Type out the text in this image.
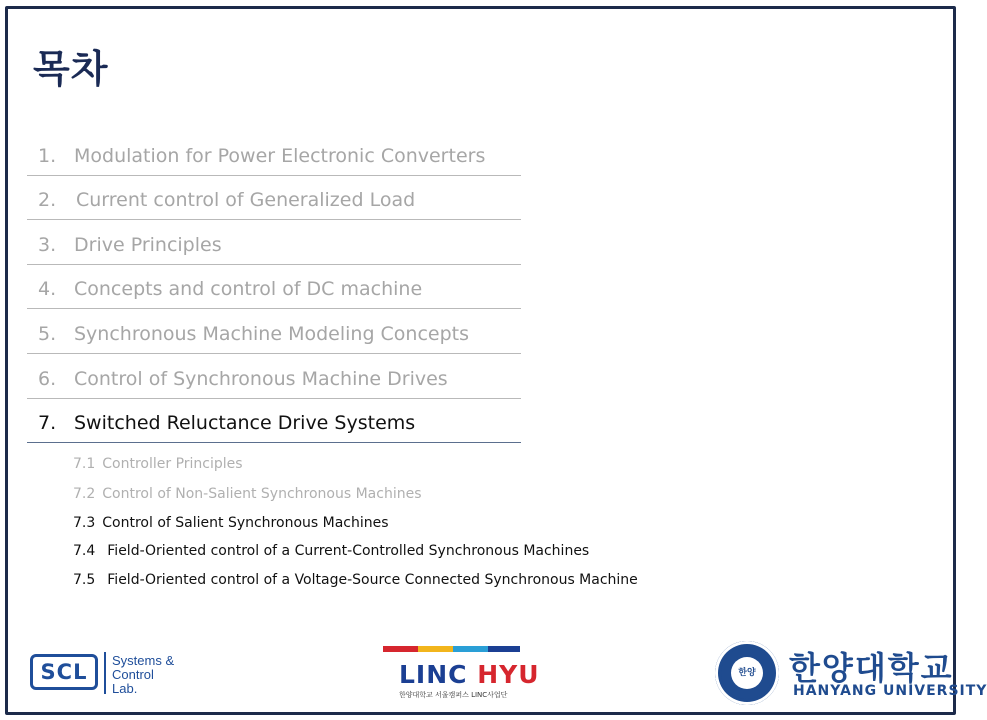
목차
1. Modulation for Power Electronic Converters
2. Current control of Generalized Load
3. Drive Principles
4. Concepts and control of DC machine
5. Synchronous Machine Modeling Concepts
6. Control of Synchronous Machine Drives
7. Switched Reluctance Drive Systems
7.1 Controller Principles
7.2 Control of Non-Salient Synchronous Machines
7.3 Control of Salient Synchronous Machines
7.4 Field-Oriented control of a Current-Controlled Synchronous Machines
7.5 Field-Oriented control of a Voltage-Source Connected Synchronous Machine
SCL	Systems &
Control
Lab.	LINC HYU
한양대학교 서울캠퍼스 LINC사업단
한양 한양대학교
HANYANG UNIVERSITY
